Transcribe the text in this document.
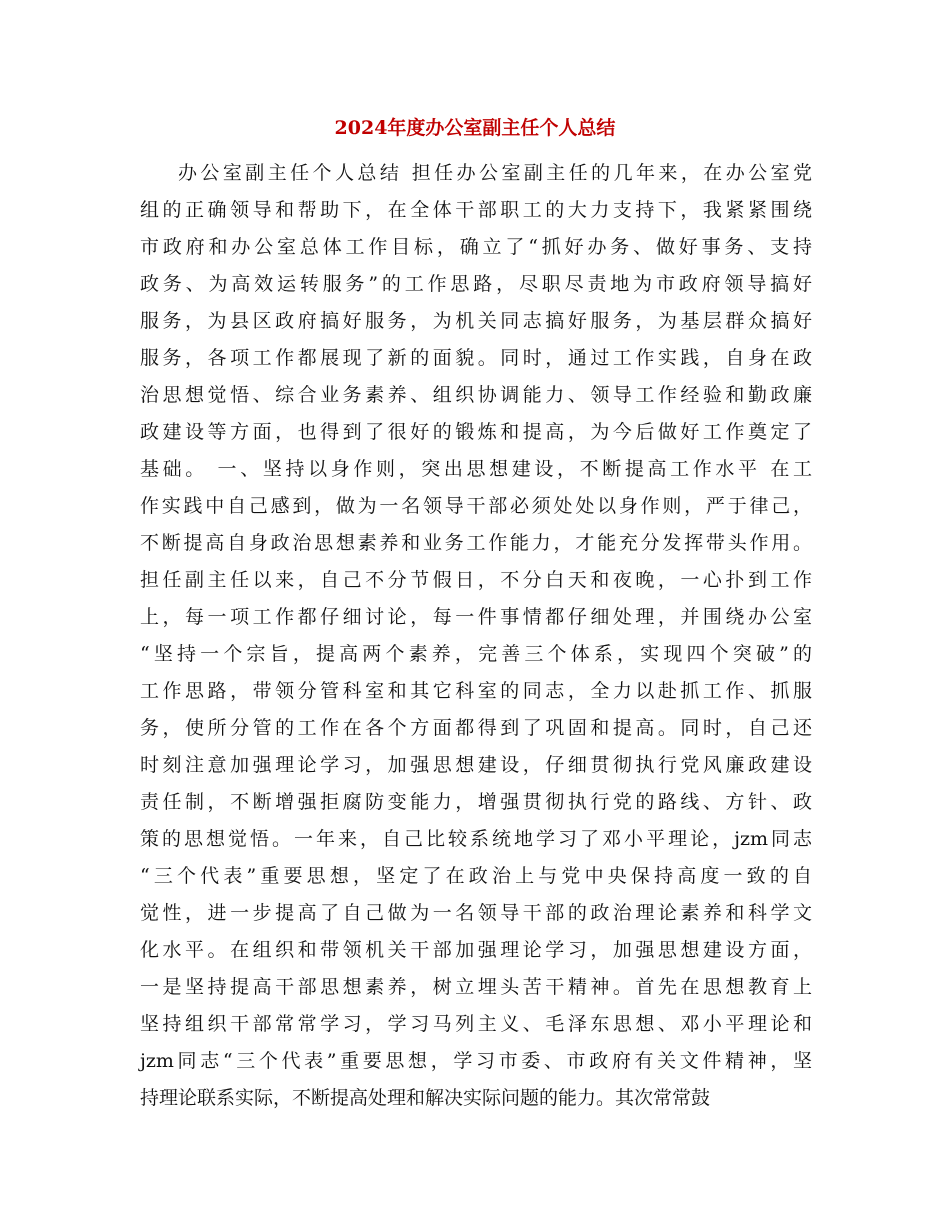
2024年度办公室副主任个人总结
办公室副主任个人总结 担任办公室副主任的几年来，在办公室党
组的正确领导和帮助下，在全体干部职工的大力支持下，我紧紧围绕
市政府和办公室总体工作目标，确立了“抓好办务、做好事务、支持
政务、为高效运转服务”的工作思路，尽职尽责地为市政府领导搞好
服务，为县区政府搞好服务，为机关同志搞好服务，为基层群众搞好
服务，各项工作都展现了新的面貌。同时，通过工作实践，自身在政
治思想觉悟、综合业务素养、组织协调能力、领导工作经验和勤政廉
政建设等方面，也得到了很好的锻炼和提高，为今后做好工作奠定了
基础。 一、坚持以身作则，突出思想建设，不断提高工作水平 在工
作实践中自己感到，做为一名领导干部必须处处以身作则，严于律己，
不断提高自身政治思想素养和业务工作能力，才能充分发挥带头作用。
担任副主任以来，自己不分节假日，不分白天和夜晚，一心扑到工作
上，每一项工作都仔细讨论，每一件事情都仔细处理，并围绕办公室
“坚持一个宗旨，提高两个素养，完善三个体系，实现四个突破”的
工作思路，带领分管科室和其它科室的同志，全力以赴抓工作、抓服
务，使所分管的工作在各个方面都得到了巩固和提高。同时，自己还
时刻注意加强理论学习，加强思想建设，仔细贯彻执行党风廉政建设
责任制，不断增强拒腐防变能力，增强贯彻执行党的路线、方针、政
策的思想觉悟。一年来，自己比较系统地学习了邓小平理论，jzm同志
“三个代表”重要思想，坚定了在政治上与党中央保持高度一致的自
觉性，进一步提高了自己做为一名领导干部的政治理论素养和科学文
化水平。在组织和带领机关干部加强理论学习，加强思想建设方面，
一是坚持提高干部思想素养，树立埋头苦干精神。首先在思想教育上
坚持组织干部常常学习，学习马列主义、毛泽东思想、邓小平理论和
jzm同志“三个代表”重要思想，学习市委、市政府有关文件精神，坚
持理论联系实际，不断提高处理和解决实际问题的能力。其次常常鼓
